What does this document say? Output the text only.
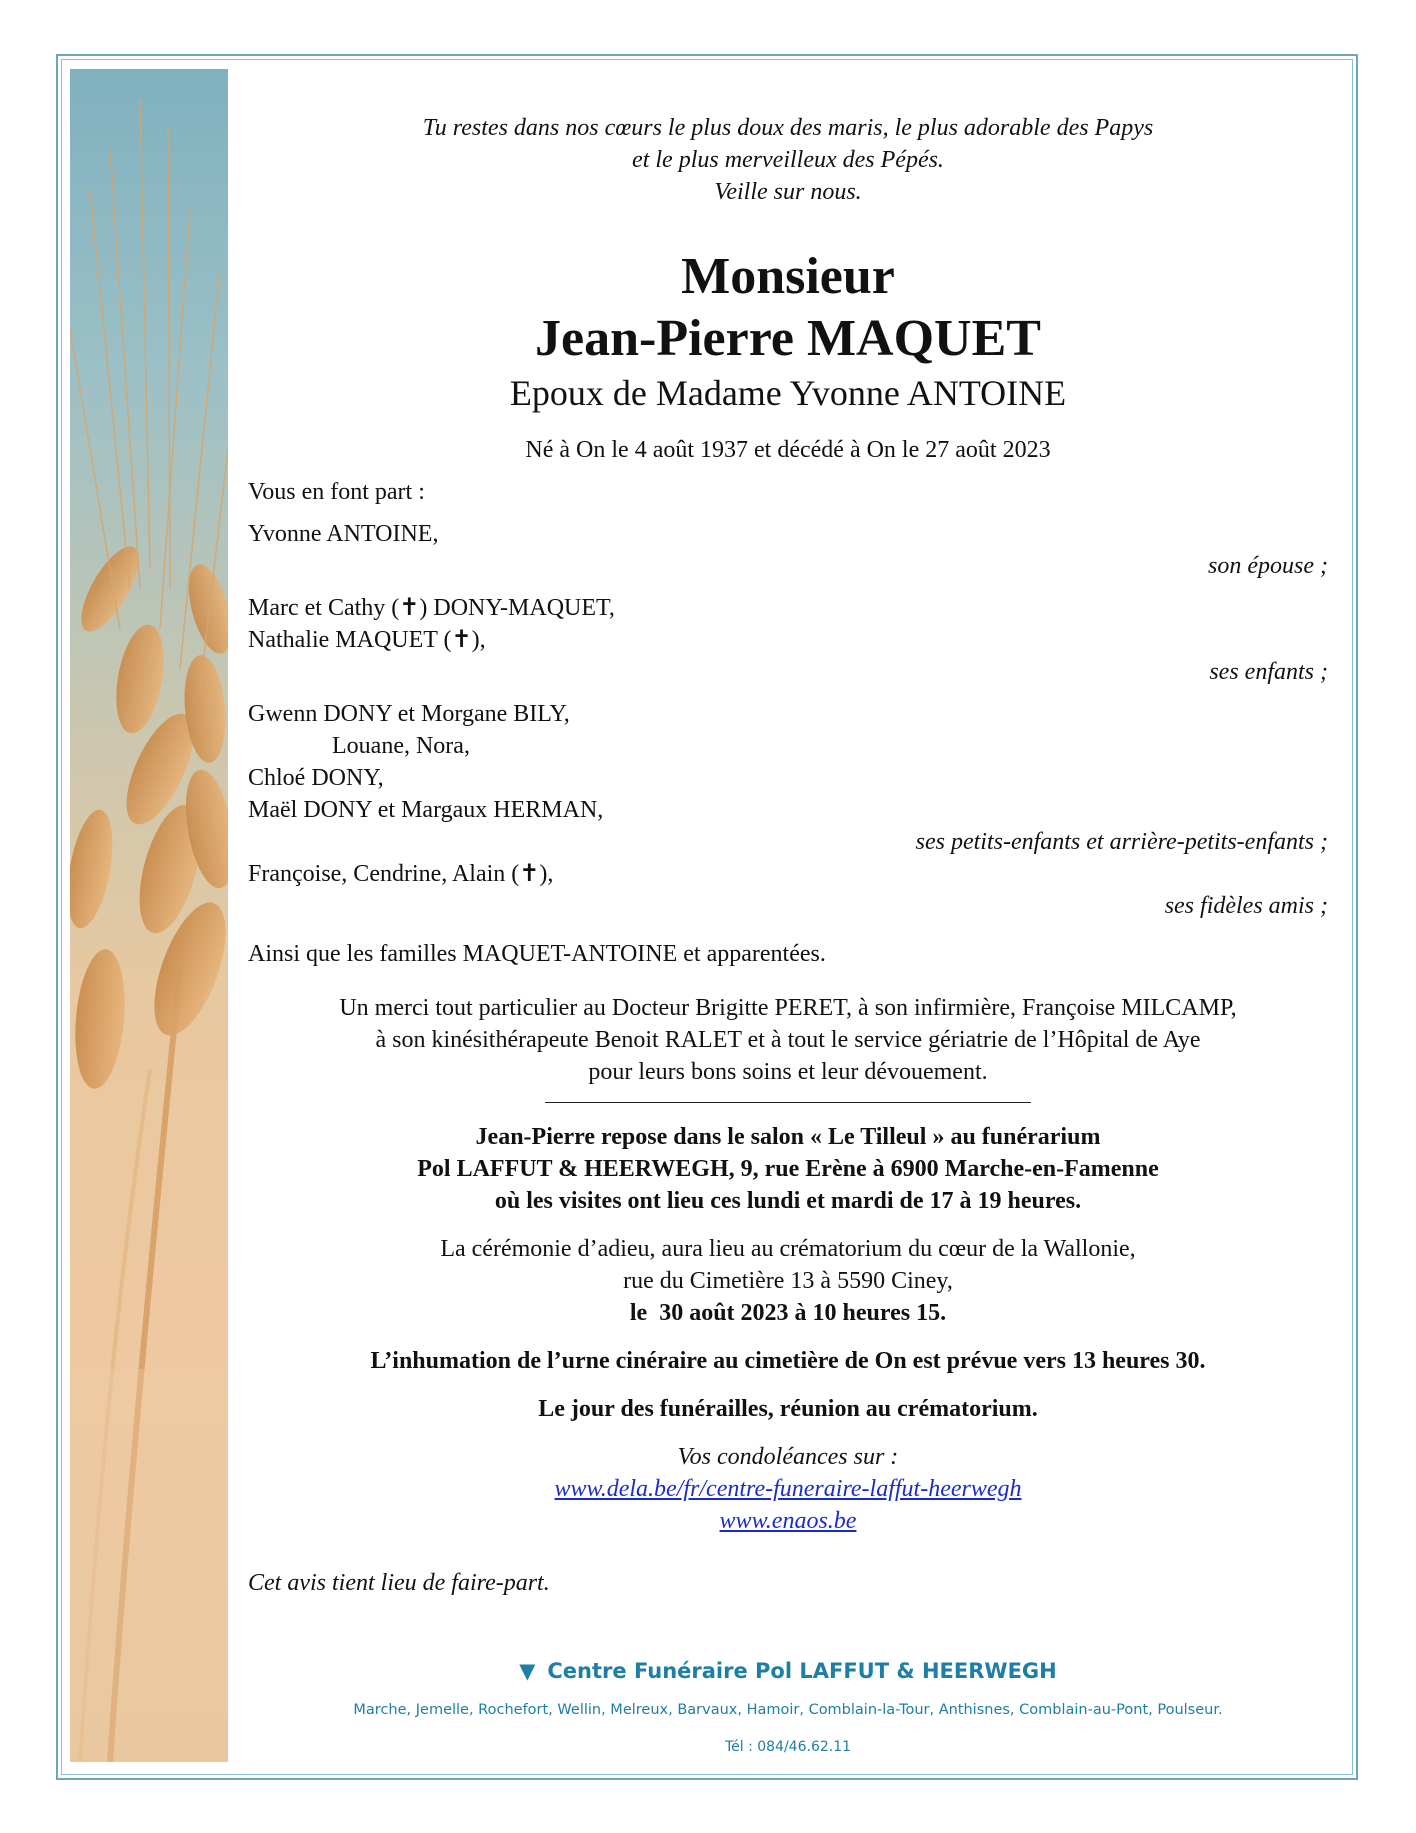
Tu restes dans nos cœurs le plus doux des maris, le plus adorable des Papys
et le plus merveilleux des Pépés.
Veille sur nous.
Monsieur
Jean-Pierre MAQUET
Epoux de Madame Yvonne ANTOINE
Né à On le 4 août 1937 et décédé à On le 27 août 2023
Vous en font part :
Yvonne ANTOINE,
son épouse ;
Marc et Cathy (✝) DONY-MAQUET,
Nathalie MAQUET (✝),
ses enfants ;
Gwenn DONY et Morgane BILY,
Louane, Nora,
Chloé DONY,
Maël DONY et Margaux HERMAN,
ses petits-enfants et arrière-petits-enfants ;
Françoise, Cendrine, Alain (✝),
ses fidèles amis ;
Ainsi que les familles MAQUET-ANTOINE et apparentées.
Un merci tout particulier au Docteur Brigitte PERET, à son infirmière, Françoise MILCAMP,
à son kinésithérapeute Benoit RALET et à tout le service gériatrie de l’Hôpital de Aye
pour leurs bons soins et leur dévouement.
Jean-Pierre repose dans le salon « Le Tilleul » au funérarium
Pol LAFFUT & HEERWEGH, 9, rue Erène à 6900 Marche-en-Famenne
où les visites ont lieu ces lundi et mardi de 17 à 19 heures.
La cérémonie d’adieu, aura lieu au crématorium du cœur de la Wallonie,
rue du Cimetière 13 à 5590 Ciney,
le  30 août 2023 à 10 heures 15.
L’inhumation de l’urne cinéraire au cimetière de On est prévue vers 13 heures 30.
Le jour des funérailles, réunion au crématorium.
Vos condoléances sur :
www.dela.be/fr/centre-funeraire-laffut-heerwegh
www.enaos.be
Cet avis tient lieu de faire-part.
▼ Centre Funéraire Pol LAFFUT & HEERWEGH
Marche, Jemelle, Rochefort, Wellin, Melreux, Barvaux, Hamoir, Comblain-la-Tour, Anthisnes, Comblain-au-Pont, Poulseur.
Tél : 084/46.62.11
